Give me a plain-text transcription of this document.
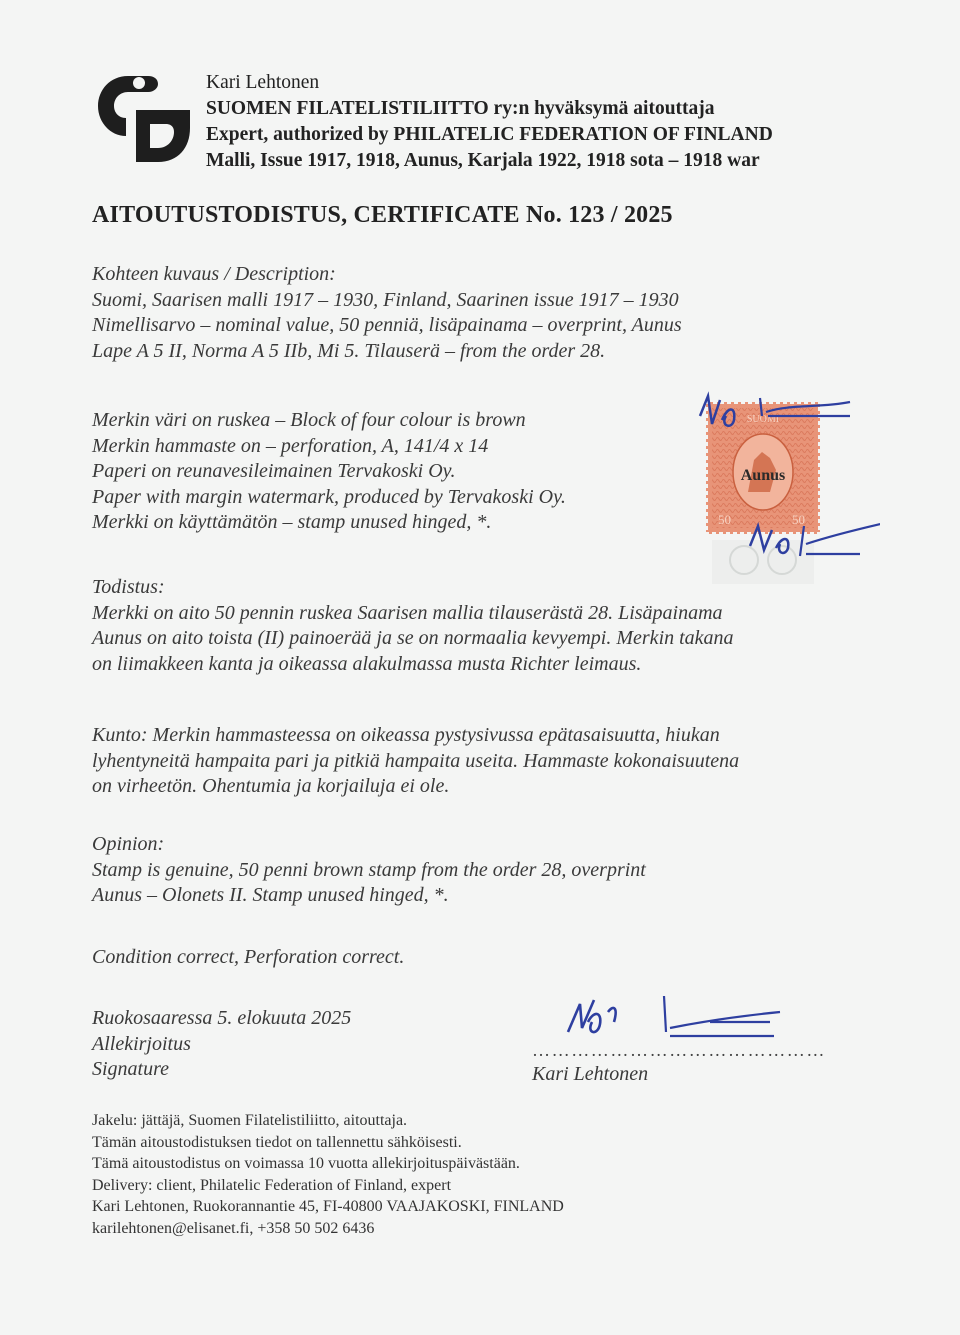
Kari Lehtonen
SUOMEN FILATELISTILIITTO ry:n hyväksymä aitouttaja
Expert, authorized by PHILATELIC FEDERATION OF FINLAND
Malli, Issue 1917, 1918, Aunus, Karjala 1922, 1918 sota – 1918 war
AITOUTUSTODISTUS, CERTIFICATE No. 123 / 2025
Kohteen kuvaus / Description:
Suomi, Saarisen malli 1917 – 1930, Finland, Saarinen issue 1917 – 1930
Nimellisarvo – nominal value, 50 penniä, lisäpainama – overprint, Aunus
Lape A 5 II, Norma A 5 IIb, Mi 5. Tilauserä – from the order 28.
Merkin väri on ruskea – Block of four colour is brown
Merkin hammaste on – perforation, A, 141/4 x 14
Paperi on reunavesileimainen Tervakoski Oy.
Paper with margin watermark, produced by Tervakoski Oy.
Merkki on käyttämätön – stamp unused hinged, *.
SUOMI
Aunus
50	50
Todistus:
Merkki on aito 50 pennin ruskea Saarisen mallia tilauserästä 28. Lisäpainama
Aunus on aito toista (II) painoerää ja se on normaalia kevyempi. Merkin takana
on liimakkeen kanta ja oikeassa alakulmassa musta Richter leimaus.
Kunto: Merkin hammasteessa on oikeassa pystysivussa epätasaisuutta, hiukan
lyhentyneitä hampaita pari ja pitkiä hampaita useita. Hammaste kokonaisuutena
on virheetön. Ohentumia ja korjailuja ei ole.
Opinion:
Stamp is genuine, 50 penni brown stamp from the order 28, overprint
Aunus – Olonets II. Stamp unused hinged, *.
Condition correct, Perforation correct.
Ruokosaaressa 5. elokuuta 2025
Allekirjoitus
Signature
………………………………………
Kari Lehtonen
Jakelu: jättäjä, Suomen Filatelistiliitto, aitouttaja.
Tämän aitoustodistuksen tiedot on tallennettu sähköisesti.
Tämä aitoustodistus on voimassa 10 vuotta allekirjoituspäivästään.
Delivery: client, Philatelic Federation of Finland, expert
Kari Lehtonen, Ruokorannantie 45, FI-40800 VAAJAKOSKI, FINLAND
karilehtonen@elisanet.fi, +358 50 502 6436
